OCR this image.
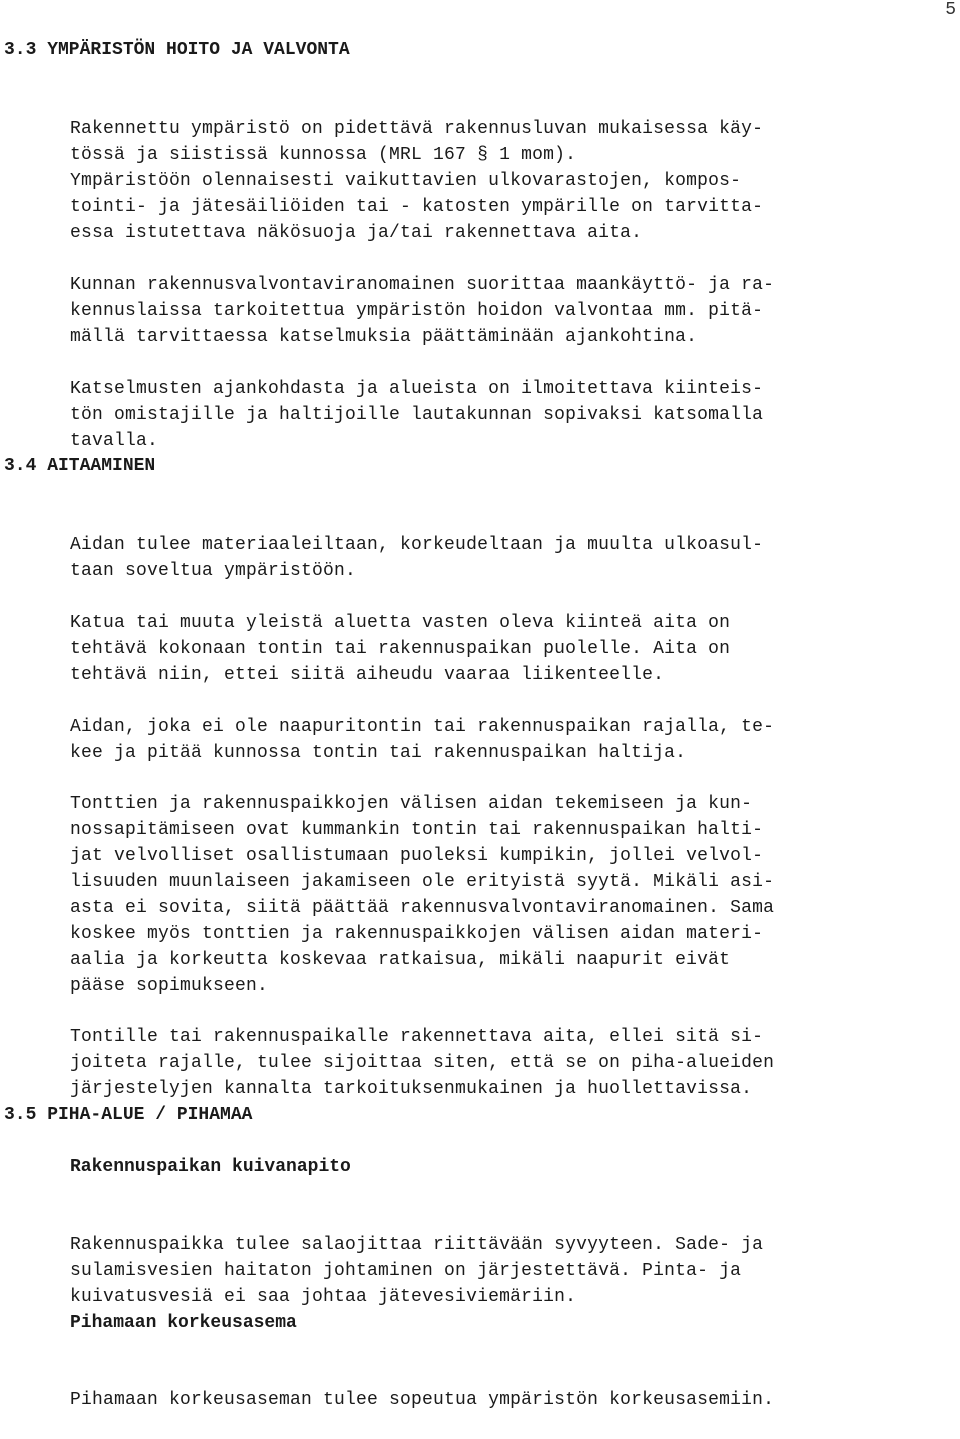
5
3.3 YMPÄRISTÖN HOITO JA VALVONTA

Rakennettu ympäristö on pidettävä rakennusluvan mukaisessa käy-
tössä ja siistissä kunnossa (MRL 167 § 1 mom).
Ympäristöön olennaisesti vaikuttavien ulkovarastojen, kompos-
tointi- ja jätesäiliöiden tai - katosten ympärille on tarvitta-
essa istutettava näkösuoja ja/tai rakennettava aita.

Kunnan rakennusvalvontaviranomainen suorittaa maankäyttö- ja ra-
kennuslaissa tarkoitettua ympäristön hoidon valvontaa mm. pitä-
mällä tarvittaessa katselmuksia päättäminään ajankohtina.

Katselmusten ajankohdasta ja alueista on ilmoitettava kiinteis-
tön omistajille ja haltijoille lautakunnan sopivaksi katsomalla
tavalla.

3.4 AITAAMINEN

Aidan tulee materiaaleiltaan, korkeudeltaan ja muulta ulkoasul-
taan soveltua ympäristöön.

Katua tai muuta yleistä aluetta vasten oleva kiinteä aita on
tehtävä kokonaan tontin tai rakennuspaikan puolelle. Aita on
tehtävä niin, ettei siitä aiheudu vaaraa liikenteelle.

Aidan, joka ei ole naapuritontin tai rakennuspaikan rajalla, te-
kee ja pitää kunnossa tontin tai rakennuspaikan haltija.

Tonttien ja rakennuspaikkojen välisen aidan tekemiseen ja kun-
nossapitämiseen ovat kummankin tontin tai rakennuspaikan halti-
jat velvolliset osallistumaan puoleksi kumpikin, jollei velvol-
lisuuden muunlaiseen jakamiseen ole erityistä syytä. Mikäli asi-
asta ei sovita, siitä päättää rakennusvalvontaviranomainen. Sama
koskee myös tonttien ja rakennuspaikkojen välisen aidan materi-
aalia ja korkeutta koskevaa ratkaisua, mikäli naapurit eivät
pääse sopimukseen.

Tontille tai rakennuspaikalle rakennettava aita, ellei sitä si-
joiteta rajalle, tulee sijoittaa siten, että se on piha-alueiden
järjestelyjen kannalta tarkoituksenmukainen ja huollettavissa.

3.5 PIHA-ALUE / PIHAMAA
Rakennuspaikan kuivanapito

Rakennuspaikka tulee salaojittaa riittävään syvyyteen. Sade- ja
sulamisvesien haitaton johtaminen on järjestettävä. Pinta- ja
kuivatusvesiä ei saa johtaa jätevesiviemäriin.

Pihamaan korkeusasema

Pihamaan korkeusaseman tulee sopeutua ympäristön korkeusasemiin.
